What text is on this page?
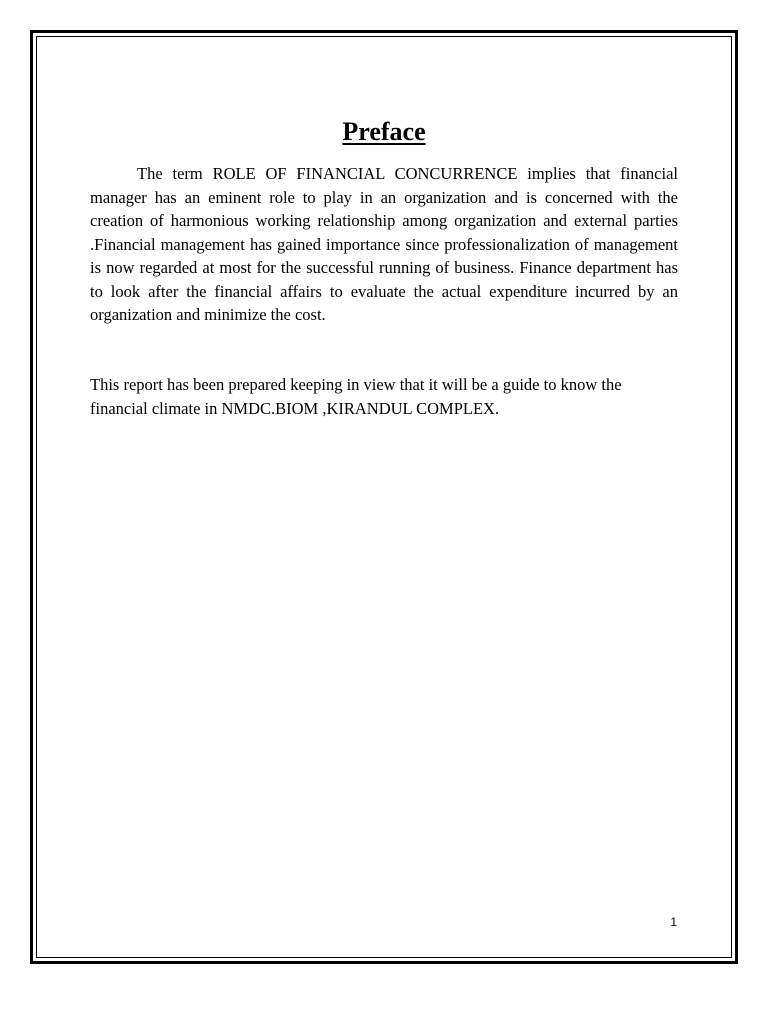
Preface

The term ROLE OF FINANCIAL CONCURRENCE implies that financial manager has an eminent role to play in an organization and is concerned with the creation of harmonious working relationship among organization and external parties .Financial management has gained importance since professionalization of management is now regarded at most for the successful running of business. Finance department has to look after the financial affairs to evaluate the actual expenditure incurred by an organization and minimize the cost.

This report has been prepared keeping in view that it will be a guide to know the financial climate in NMDC.BIOM ,KIRANDUL COMPLEX.

1
